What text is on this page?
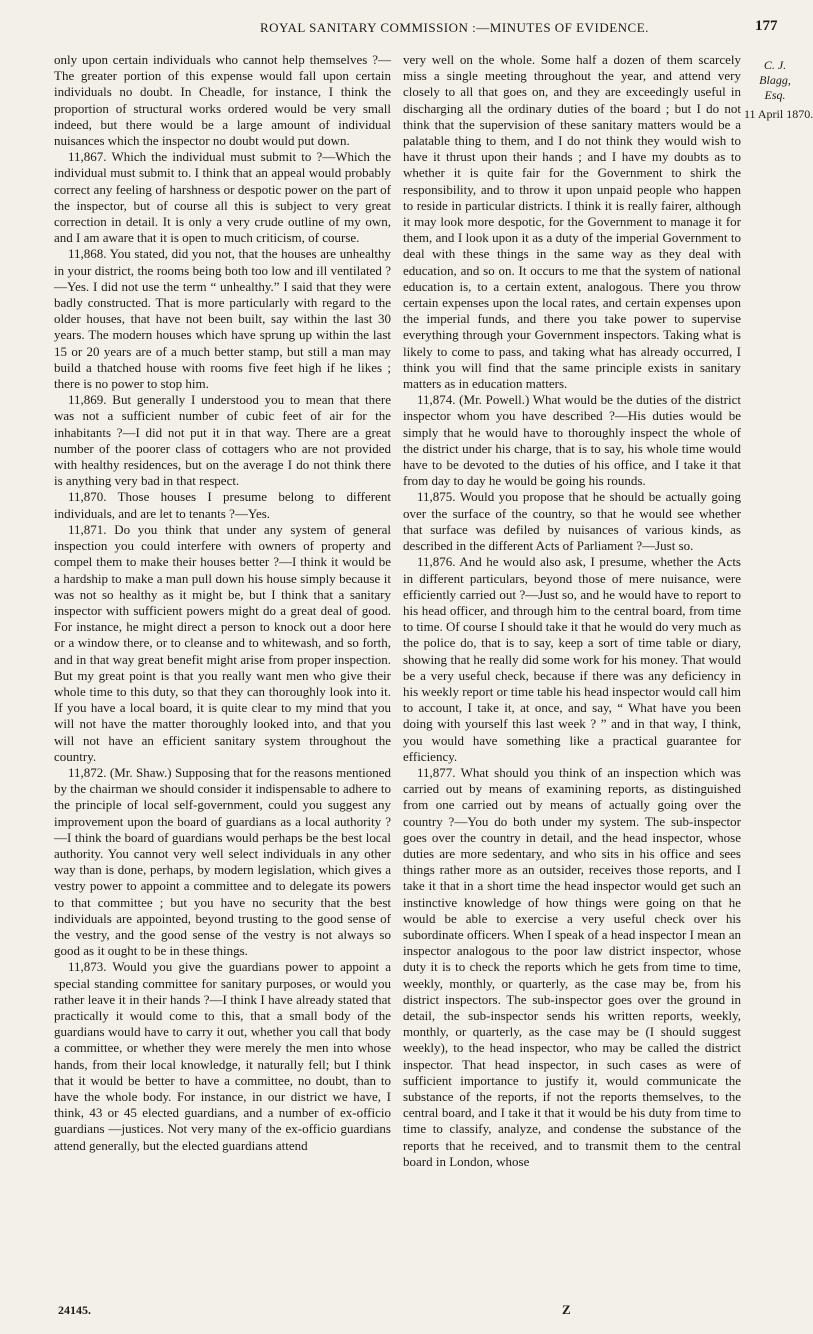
ROYAL SANITARY COMMISSION :—MINUTES OF EVIDENCE.	177

only upon certain individuals who cannot help themselves ?—The greater portion of this expense would fall upon certain individuals no doubt. In Cheadle, for instance, I think the proportion of structural works ordered would be very small indeed, but there would be a large amount of individual nuisances which the inspector no doubt would put down.

11,867. Which the individual must submit to ?—Which the individual must submit to. I think that an appeal would probably correct any feeling of harshness or despotic power on the part of the inspector, but of course all this is subject to very great correction in detail. It is only a very crude outline of my own, and I am aware that it is open to much criticism, of course.

11,868. You stated, did you not, that the houses are unhealthy in your district, the rooms being both too low and ill ventilated ?—Yes. I did not use the term “ unhealthy.” I said that they were badly constructed. That is more particularly with regard to the older houses, that have not been built, say within the last 30 years. The modern houses which have sprung up within the last 15 or 20 years are of a much better stamp, but still a man may build a thatched house with rooms five feet high if he likes ; there is no power to stop him.

11,869. But generally I understood you to mean that there was not a sufficient number of cubic feet of air for the inhabitants ?—I did not put it in that way. There are a great number of the poorer class of cottagers who are not provided with healthy residences, but on the average I do not think there is anything very bad in that respect.

11,870. Those houses I presume belong to different individuals, and are let to tenants ?—Yes.

11,871. Do you think that under any system of general inspection you could interfere with owners of property and compel them to make their houses better ?—I think it would be a hardship to make a man pull down his house simply because it was not so healthy as it might be, but I think that a sanitary inspector with sufficient powers might do a great deal of good. For instance, he might direct a person to knock out a door here or a window there, or to cleanse and to whitewash, and so forth, and in that way great benefit might arise from proper inspection. But my great point is that you really want men who give their whole time to this duty, so that they can thoroughly look into it. If you have a local board, it is quite clear to my mind that you will not have the matter thoroughly looked into, and that you will not have an efficient sanitary system throughout the country.

11,872. (Mr. Shaw.) Supposing that for the reasons mentioned by the chairman we should consider it indispensable to adhere to the principle of local self-government, could you suggest any improvement upon the board of guardians as a local authority ?—I think the board of guardians would perhaps be the best local authority. You cannot very well select individuals in any other way than is done, perhaps, by modern legislation, which gives a vestry power to appoint a committee and to delegate its powers to that committee ; but you have no security that the best individuals are appointed, beyond trusting to the good sense of the vestry, and the good sense of the vestry is not always so good as it ought to be in these things.

11,873. Would you give the guardians power to appoint a special standing committee for sanitary purposes, or would you rather leave it in their hands ?—I think I have already stated that practically it would come to this, that a small body of the guardians would have to carry it out, whether you call that body a committee, or whether they were merely the men into whose hands, from their local knowledge, it naturally fell; but I think that it would be better to have a committee, no doubt, than to have the whole body. For instance, in our district we have, I think, 43 or 45 elected guardians, and a number of ex-officio guardians —justices. Not very many of the ex-officio guardians attend generally, but the elected guardians attend

very well on the whole. Some half a dozen of them scarcely miss a single meeting throughout the year, and attend very closely to all that goes on, and they are exceedingly useful in discharging all the ordinary duties of the board ; but I do not think that the supervision of these sanitary matters would be a palatable thing to them, and I do not think they would wish to have it thrust upon their hands ; and I have my doubts as to whether it is quite fair for the Government to shirk the responsibility, and to throw it upon unpaid people who happen to reside in particular districts. I think it is really fairer, although it may look more despotic, for the Government to manage it for them, and I look upon it as a duty of the imperial Government to deal with these things in the same way as they deal with education, and so on. It occurs to me that the system of national education is, to a certain extent, analogous. There you throw certain expenses upon the local rates, and certain expenses upon the imperial funds, and there you take power to supervise everything through your Government inspectors. Taking what is likely to come to pass, and taking what has already occurred, I think you will find that the same principle exists in sanitary matters as in education matters.

11,874. (Mr. Powell.) What would be the duties of the district inspector whom you have described ?—His duties would be simply that he would have to thoroughly inspect the whole of the district under his charge, that is to say, his whole time would have to be devoted to the duties of his office, and I take it that from day to day he would be going his rounds.

11,875. Would you propose that he should be actually going over the surface of the country, so that he would see whether that surface was defiled by nuisances of various kinds, as described in the different Acts of Parliament ?—Just so.

11,876. And he would also ask, I presume, whether the Acts in different particulars, beyond those of mere nuisance, were efficiently carried out ?—Just so, and he would have to report to his head officer, and through him to the central board, from time to time. Of course I should take it that he would do very much as the police do, that is to say, keep a sort of time table or diary, showing that he really did some work for his money. That would be a very useful check, because if there was any deficiency in his weekly report or time table his head inspector would call him to account, I take it, at once, and say, “ What have you been doing with yourself this last week ? ” and in that way, I think, you would have something like a practical guarantee for efficiency.

11,877. What should you think of an inspection which was carried out by means of examining reports, as distinguished from one carried out by means of actually going over the country ?—You do both under my system. The sub-inspector goes over the country in detail, and the head inspector, whose duties are more sedentary, and who sits in his office and sees things rather more as an outsider, receives those reports, and I take it that in a short time the head inspector would get such an instinctive knowledge of how things were going on that he would be able to exercise a very useful check over his subordinate officers. When I speak of a head inspector I mean an inspector analogous to the poor law district inspector, whose duty it is to check the reports which he gets from time to time, weekly, monthly, or quarterly, as the case may be, from his district inspectors. The sub-inspector goes over the ground in detail, the sub-inspector sends his written reports, weekly, monthly, or quarterly, as the case may be (I should suggest weekly), to the head inspector, who may be called the district inspector. That head inspector, in such cases as were of sufficient importance to justify it, would communicate the substance of the reports, if not the reports themselves, to the central board, and I take it that it would be his duty from time to time to classify, analyze, and condense the substance of the reports that he received, and to transmit them to the central board in London, whose

C. J. Blagg, Esq.
11 April 1870.
24145.	Z
